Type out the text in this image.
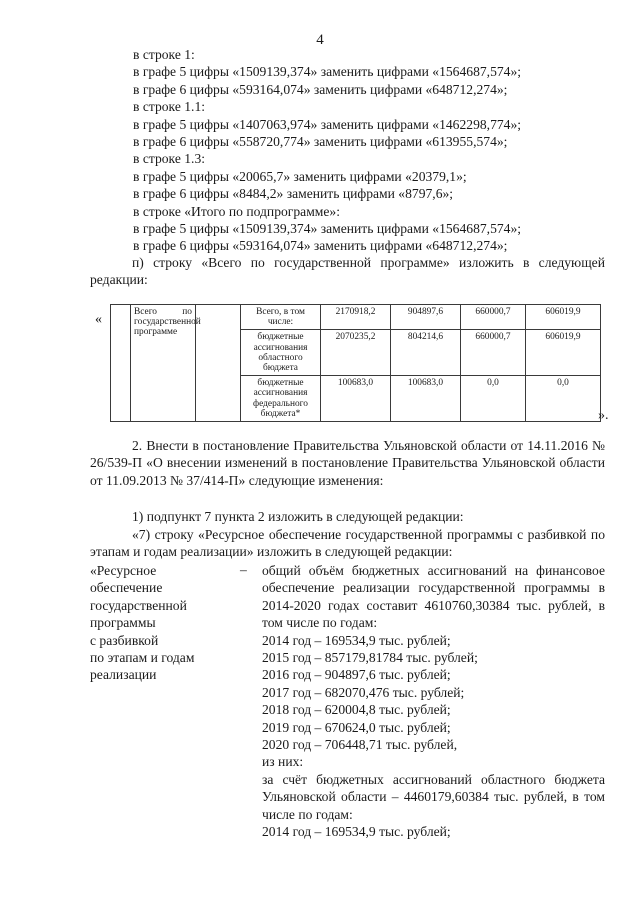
4
в строке 1:
в графе 5 цифры «1509139,374» заменить цифрами «1564687,574»;
в графе 6 цифры «593164,074» заменить цифрами «648712,274»;
в строке 1.1:
в графе 5 цифры «1407063,974» заменить цифрами «1462298,774»;
в графе 6 цифры «558720,774» заменить цифрами «613955,574»;
в строке 1.3:
в графе 5 цифры «20065,7» заменить цифрами «20379,1»;
в графе 6 цифры «8484,2» заменить цифрами «8797,6»;
в строке «Итого по подпрограмме»:
в графе 5 цифры «1509139,374» заменить цифрами «1564687,574»;
в графе 6 цифры «593164,074» заменить цифрами «648712,274»;
п) строку «Всего по государственной программе» изложить в следующей редакции:
«
		Всего по государственной программе		Всего, в том числе:	2170918,2	904897,6	660000,7	606019,9
			бюджетные ассигнования областного бюджета	2070235,2	804214,6	660000,7	606019,9
			бюджетные ассигнования федерального бюджета*	100683,0	100683,0	0,0	0,0
».
2. Внести в постановление Правительства Ульяновской области от 14.11.2016 № 26/539-П «О внесении изменений в постановление Правительства Ульяновской области от 11.09.2013 № 37/414-П» следующие изменения:
1) подпункт 7 пункта 2 изложить в следующей редакции:
«7) строку «Ресурсное обеспечение государственной программы с разбивкой по этапам и годам реализации» изложить в следующей редакции:
«Ресурсное
обеспечение
государственной
программы
с разбивкой
по этапам и годам
реализации
– общий объём бюджетных ассигнований на финансовое обеспечение реализации государственной программы в 2014-2020 годах составит 4610760,30384 тыс. рублей, в том числе по годам:
2014 год – 169534,9 тыс. рублей;
2015 год – 857179,81784 тыс. рублей;
2016 год – 904897,6 тыс. рублей;
2017 год – 682070,476 тыс. рублей;
2018 год – 620004,8 тыс. рублей;
2019 год – 670624,0 тыс. рублей;
2020 год – 706448,71 тыс. рублей,
из них:
за счёт бюджетных ассигнований областного бюджета Ульяновской области – 4460179,60384 тыс. рублей, в том числе по годам:
2014 год – 169534,9 тыс. рублей;
